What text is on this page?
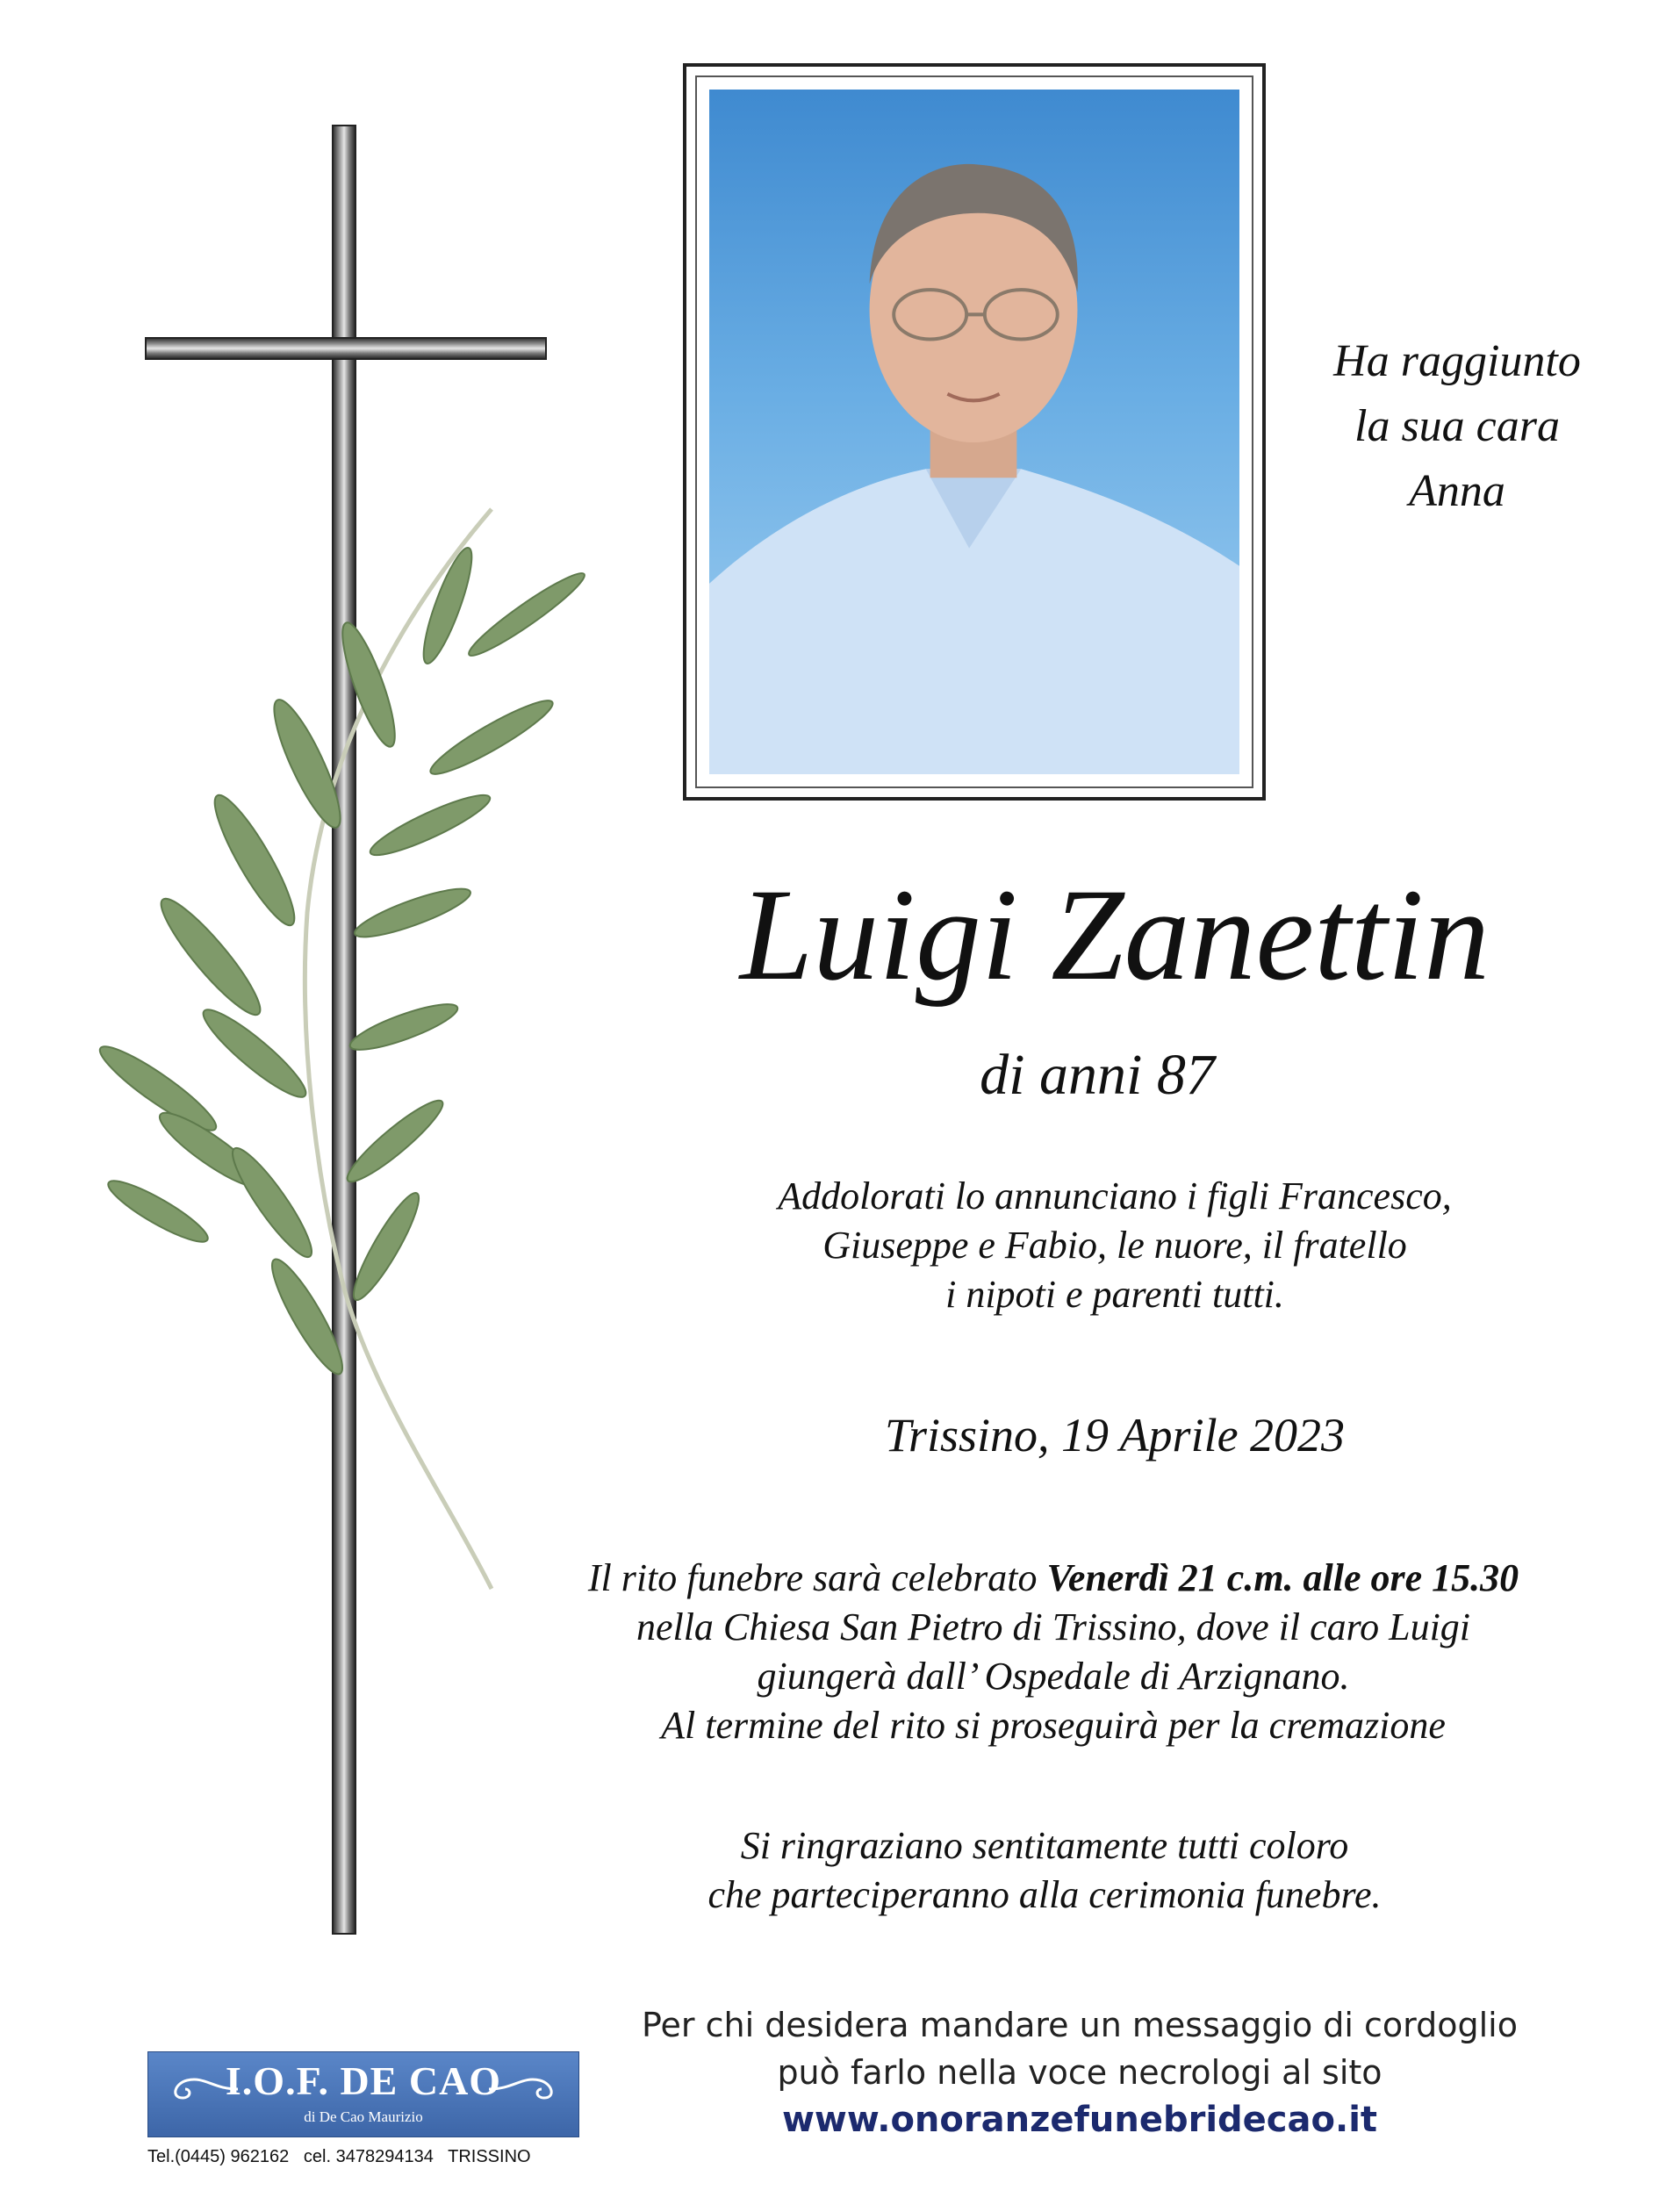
Ha raggiunto
la sua cara
Anna
Luigi Zanettin
di anni 87
Addolorati lo annunciano i figli Francesco,
Giuseppe e Fabio, le nuore, il fratello
i nipoti e parenti tutti.
Trissino, 19 Aprile 2023
Il rito funebre sarà celebrato Venerdì 21 c.m. alle ore 15.30
nella Chiesa San Pietro di Trissino, dove il caro Luigi
giungerà dall’ Ospedale di Arzignano.
Al termine del rito si proseguirà per la cremazione
Si ringraziano sentitamente tutti coloro
che parteciperanno alla cerimonia funebre.
Per chi desidera mandare un messaggio di cordoglio
può farlo nella voce necrologi al sito
www.onoranzefunebridecao.it
I.O.F. DE CAO
di De Cao Maurizio
Tel.(0445) 962162   cel. 3478294134   TRISSINO
